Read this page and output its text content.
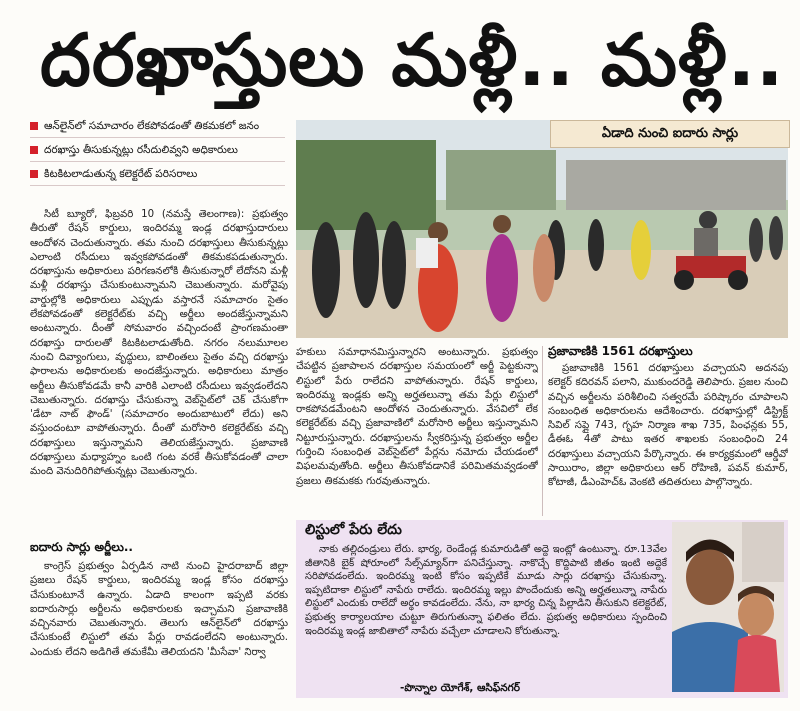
దరఖాస్తులు మళ్లీ.. మళ్లీ..
ఆన్‌లైన్‌లో సమాచారం లేకపోవడంతో తికమకలో జనం
దరఖాస్తు తీసుకున్నట్లు రసీదులివ్వని అధికారులు
కిటకిటలాడుతున్న కలెక్టరేట్ పరిసరాలు

సిటీ బ్యూరో, ఫిబ్రవరి 10 (నమస్తే తెలంగాణ): ప్రభుత్వం తీరుతో రేషన్ కార్డులు, ఇందిరమ్మ ఇండ్ల దరఖాస్తుదారులు ఆందోళన చెందుతున్నారు. తమ నుంచి దరఖాస్తులు తీసుకున్నట్లు ఎలాంటి రసీదులు ఇవ్వకపోవడంతో తికమకపడుతున్నారు. దరఖాస్తును అధికారులు పరిగణనలోకి తీసుకున్నారో లేదోనని మళ్లీ మళ్లీ దరఖాస్తు చేసుకుంటున్నామని చెబుతున్నారు. మరోవైపు వార్డుల్లోకి అధికారులు ఎప్పుడు వస్తారనే సమాచారం సైతం లేకపోవడంతో కలెక్టరేట్‌కు వచ్చి అర్జీలు అందజేస్తున్నామని అంటున్నారు. దీంతో సోమవారం వచ్చిందంటే ప్రాంగణమంతా దరఖాస్తు దారులతో కిటకిటలాడుతోంది. నగరం నలుమూలల నుంచి దివ్యాంగులు, వృద్ధులు, బాలింతలు సైతం వచ్చి దరఖాస్తు ఫారాలను అధికారులకు అందజేస్తున్నారు. అధికారులు మాత్రం అర్జీలు తీసుకోవడమే కానీ వారికి ఎలాంటి రసీదులు ఇవ్వడంలేదని చెబుతున్నారు. దరఖాస్తు చేసుకున్నా వెబ్‌సైట్‌లో చెక్ చేసుకోగా 'డేటా నాట్ ఫౌండ్' (సమాచారం అందుబాటులో లేదు) అని వస్తుందంటూ వాపోతున్నారు. దీంతో మరోసారి కలెక్టరేట్‌కు వచ్చి దరఖాస్తులు ఇస్తున్నామని తెలియజేస్తున్నారు. ప్రజావాణి దరఖాస్తులు మధ్యాహ్నం ఒంటి గంట వరకే తీసుకోవడంతో చాలా మంది వెనుదిరిగిపోతున్నట్లు చెబుతున్నారు.

ఐదారు సార్లు అర్జీలు..

కాంగ్రెస్ ప్రభుత్వం ఏర్పడిన నాటి నుంచి హైదరాబాద్ జిల్లా ప్రజలు రేషన్ కార్డులు, ఇందిరమ్మ ఇండ్ల కోసం దరఖాస్తు చేసుకుంటూనే ఉన్నారు. ఏడాది కాలంగా ఇప్పటి వరకు ఐదారుసార్లు అర్జీలను అధికారులకు ఇచ్చామని ప్రజావాణికి వచ్చినవారు చెబుతున్నారు. తెలుగు ఆన్‌లైన్‌లో దరఖాస్తు చేసుకుంటే లిస్టులో తమ పేర్లు రావడంలేదని అంటున్నారు. ఎందుకు లేదని అడిగితే తమకేమీ తెలియదని 'మీసేవా' నిర్వా

ఏడాది నుంచి ఐదారు సార్లు

హకులు సమాధానమిస్తున్నారని అంటున్నారు. ప్రభుత్వం చేపట్టిన ప్రజాపాలన దరఖాస్తుల సమయంలో అర్జీ పెట్టకున్నా లిస్టులో పేరు రాలేదని వాపోతున్నారు. రేషన్ కార్డులు, ఇందిరమ్మ ఇండ్లకు అన్ని అర్హతలున్నా తమ పేర్లు లిస్టులో రాకపోవడమేంటని ఆందోళన చెందుతున్నారు. వేసవిలో లేక కలెక్టరేట్‌కు వచ్చి ప్రజావాణిలో మరోసారి అర్జీలు ఇస్తున్నామని నిట్టూరుస్తున్నారు. దరఖాస్తులను స్వీకరిస్తున్న ప్రభుత్వం అర్జీల గుర్తించి సంబంధిత వెబ్‌సైట్‌లో పేర్లను నమోదు చేయడంలో విఫలమవుతోంది. అర్జీలు తీసుకోవడానికే పరిమితమవ్వడంతో ప్రజలు తికమకకు గురవుతున్నారు.

ప్రజావాణికి 1561 దరఖాస్తులు

ప్రజావాణికి 1561 దరఖాస్తులు వచ్చాయని అదనపు కలెక్టర్ కదిరవన్ పలాని, ముకుందరెడ్డి తెలిపారు. ప్రజల నుంచి వచ్చిన అర్జీలను పరిశీలించి సత్వరమే పరిష్కారం చూపాలని సంబంధిత అధికారులను ఆదేశించారు. దరఖాస్తుల్లో డిస్ట్రిక్ట్ సివిల్ సప్లై 743, గృహ నిర్మాణ శాఖ 735, పింఛన్లకు 55, డీఈఓ 4తో పాటు ఇతర శాఖలకు సంబంధించి 24 దరఖాస్తులు వచ్చాయని పేర్కొన్నారు. ఈ కార్యక్రమంలో ఆర్డీవో సాయిరాం, జిల్లా అధికారులు ఆర్ రోహిణి, పవన్ కుమార్, కోటాజీ, డీఎంహెచ్‌ఓ వెంకటి తదితరులు పాల్గొన్నారు.

లిస్టులో పేరు లేదు

నాకు తల్లిదండ్రులు లేరు. భార్య, రెండేండ్ల కుమారుడితో అద్దె ఇంట్లో ఉంటున్నా. రూ.13వేల జీతానికి బైక్ షోరూంలో సేల్స్‌మ్యాన్‌గా పనిచేస్తున్నా. నాకొచ్చే కొద్దిపాటి జీతం ఇంటి అద్దెకే సరిపోవడంలేదు. ఇందిరమ్మ ఇంటి కోసం ఇప్పటికే మూడు సార్లు దరఖాస్తు చేసుకున్నా. ఇప్పటిదాకా లిస్టులో నాపేరు రాలేదు. ఇందిరమ్మ ఇల్లు పొందేందుకు అన్ని అర్హతలున్నా నాపేరు లిస్టులో ఎందుకు రాలేదో అర్థం కావడంలేదు. నేను, నా భార్య చిన్న పిల్లాడిని తీసుకుని కలెక్టరేట్, ప్రభుత్వ కార్యాలయాల చుట్టూ తిరుగుతున్నా ఫలితం లేదు. ప్రభుత్వ అధికారులు స్పందించి ఇందిరమ్మ ఇండ్ల జాబితాలో నాపేరు వచ్చేలా చూడాలని కోరుతున్నా.

-పొన్నాల యోగేశ్, ఆసిఫ్‌నగర్
